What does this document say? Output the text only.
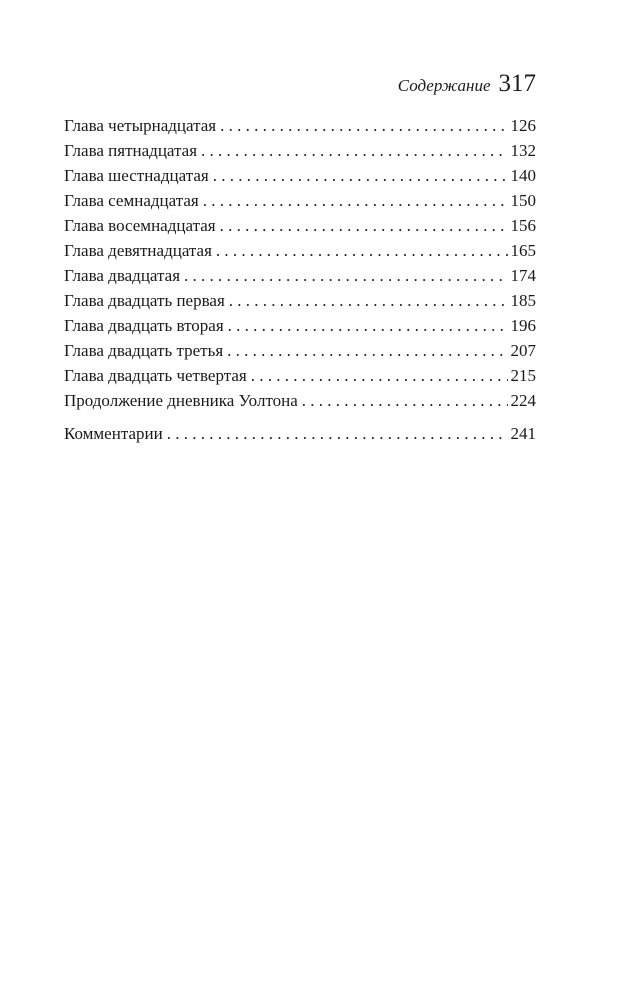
Содержание 317
Глава четырнадцатая . . .	126
Глава пятнадцатая . . .	132
Глава шестнадцатая . . .	140
Глава семнадцатая . . .	150
Глава восемнадцатая . . .	156
Глава девятнадцатая . . .	165
Глава двадцатая . . .	174
Глава двадцать первая . . .	185
Глава двадцать вторая . . .	196
Глава двадцать третья . . .	207
Глава двадцать четвертая . . .	215
Продолжение дневника Уолтона . . .	224
Комментарии . . .	241
